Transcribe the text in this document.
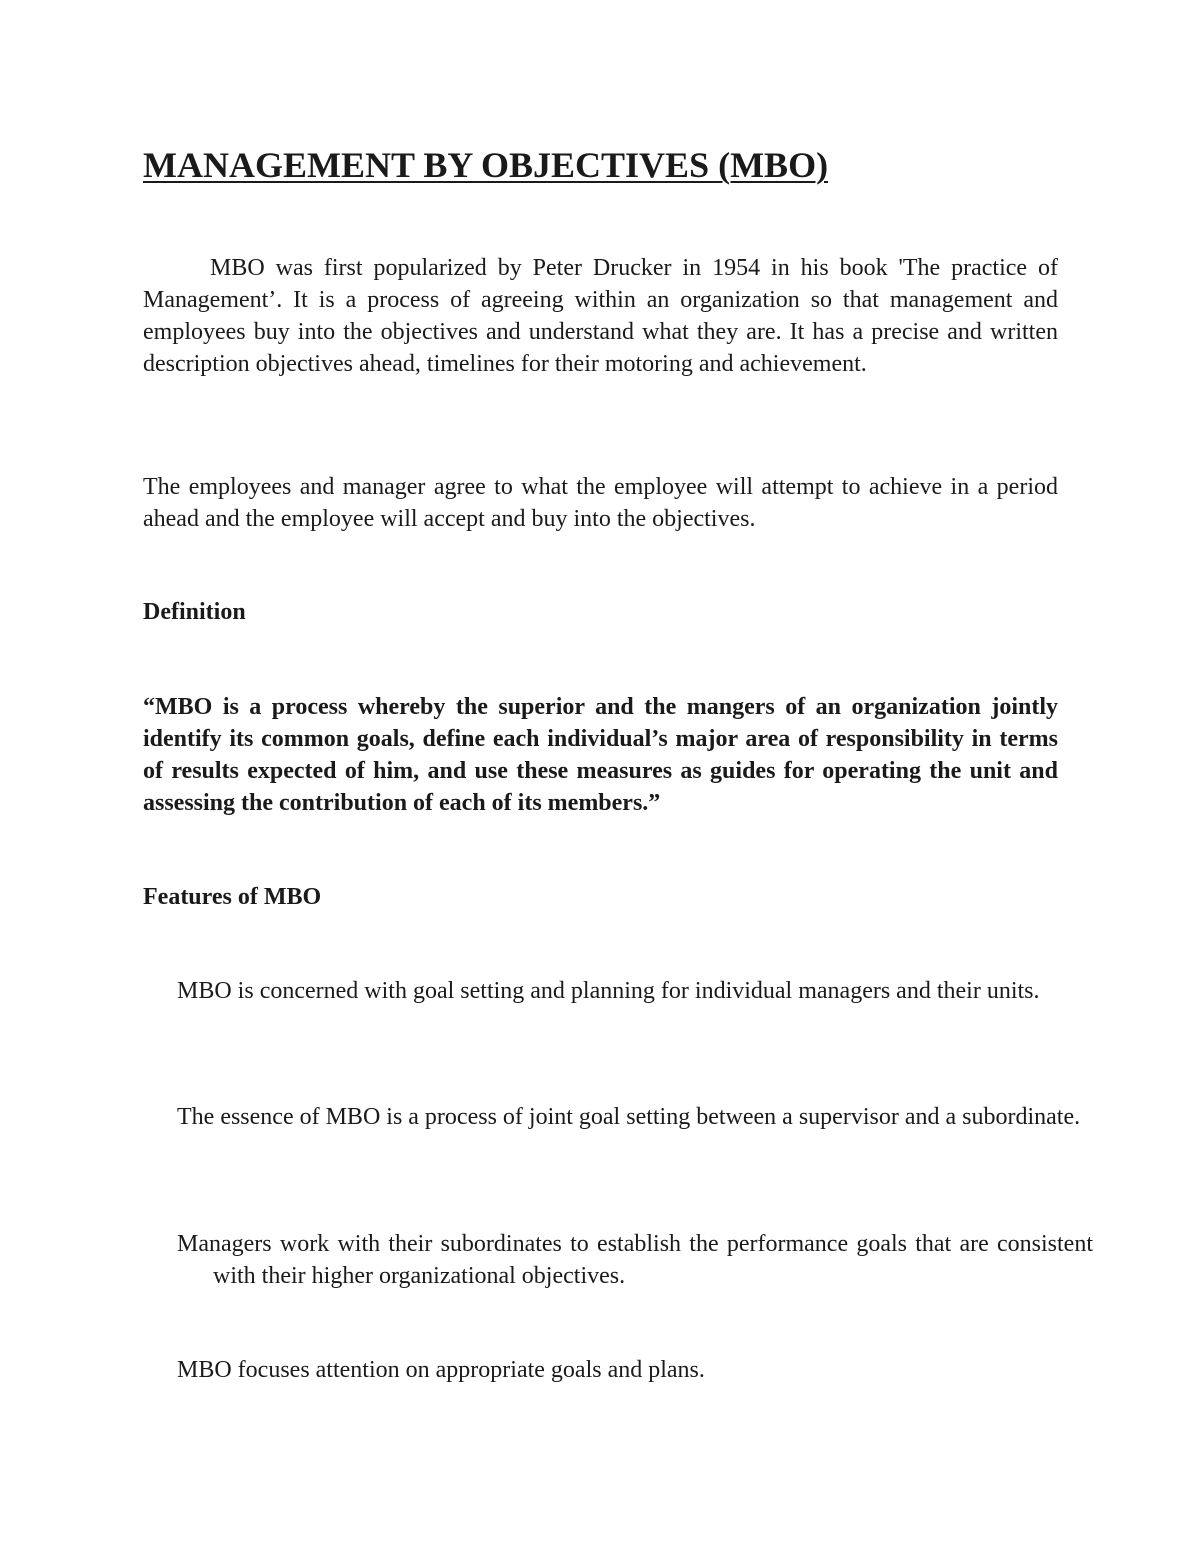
MANAGEMENT BY OBJECTIVES (MBO)

MBO was first popularized by Peter Drucker in 1954 in his book 'The practice of Management’. It is a process of agreeing within an organization so that management and employees buy into the objectives and understand what they are. It has a precise and written description objectives ahead, timelines for their motoring and achievement.

The employees and manager agree to what the employee will attempt to achieve in a period ahead and the employee will accept and buy into the objectives.

Definition

“MBO is a process whereby the superior and the mangers of an organization jointly identify its common goals, define each individual’s major area of responsibility in terms of results expected of him, and use these measures as guides for operating the unit and assessing the contribution of each of its members.”

Features of MBO
MBO is concerned with goal setting and planning for individual managers and their units.
The essence of MBO is a process of joint goal setting between a supervisor and a subordinate.
Managers work with their subordinates to establish the performance goals that are consistent with their higher organizational objectives.
MBO focuses attention on appropriate goals and plans.
